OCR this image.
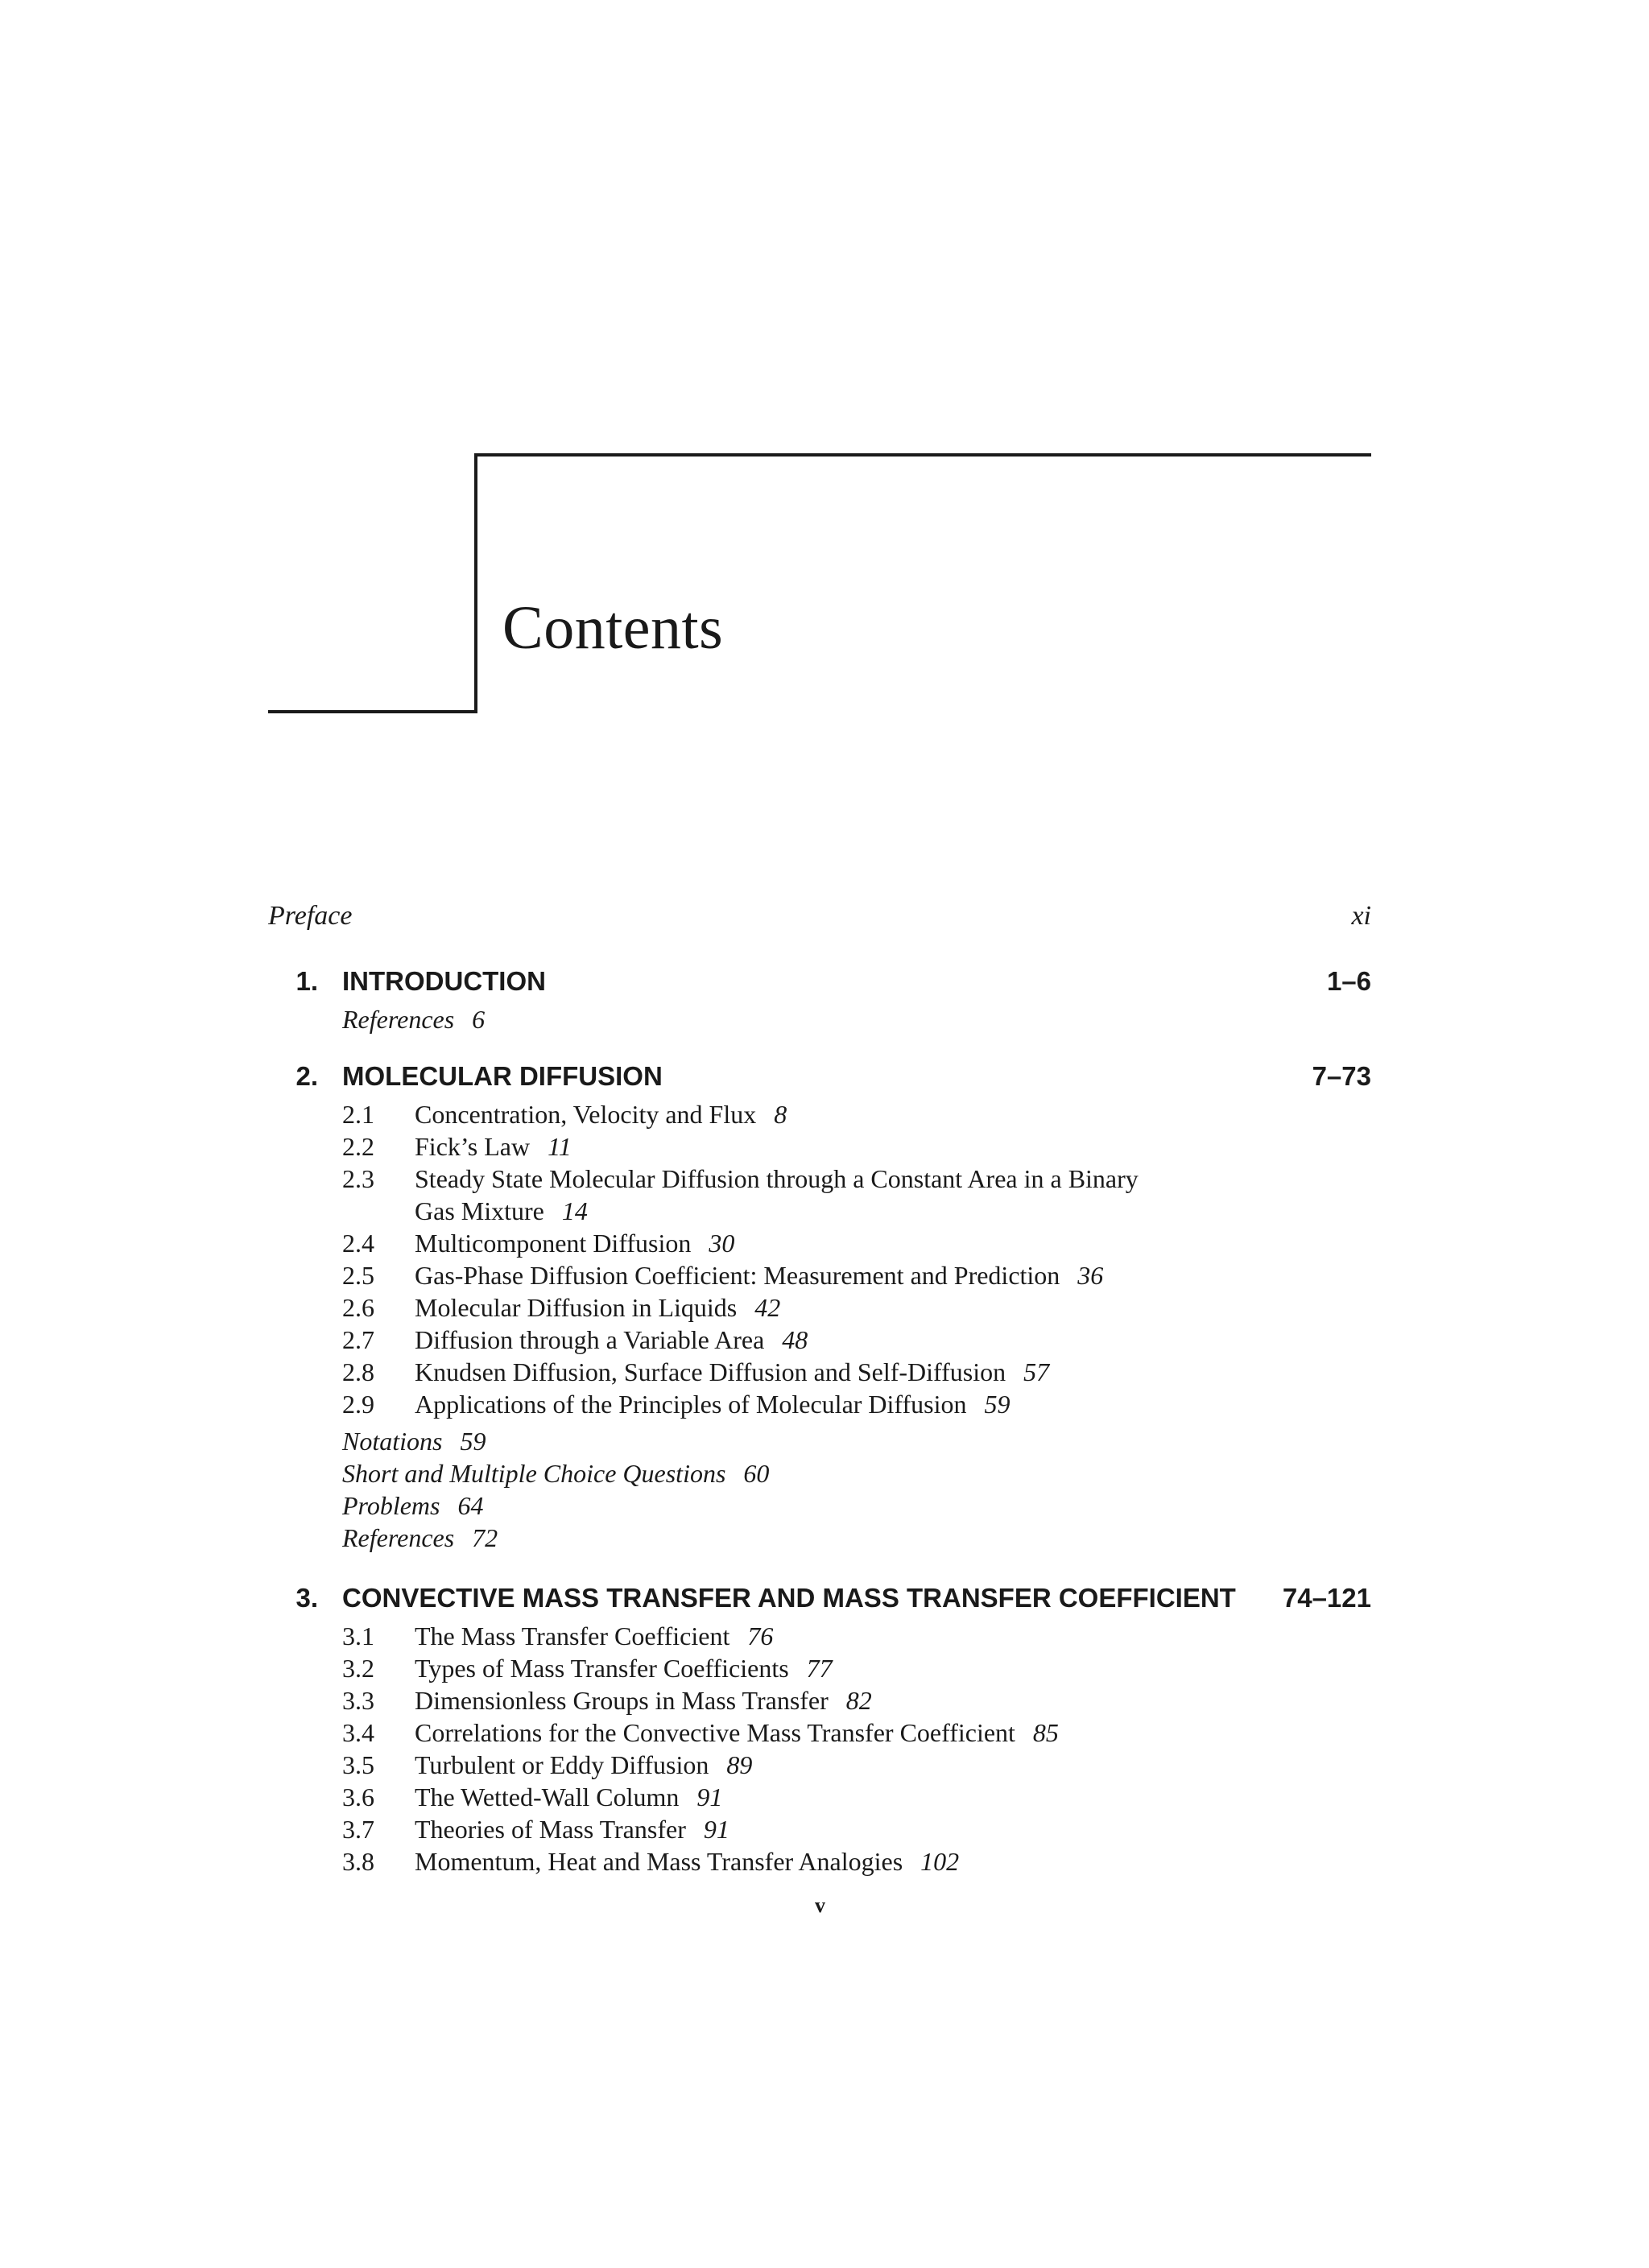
Contents
Preface	xi
1. INTRODUCTION	1–6
References 6
2. MOLECULAR DIFFUSION	7–73
2.1 Concentration, Velocity and Flux 8
2.2 Fick’s Law 11
2.3 Steady State Molecular Diffusion through a Constant Area in a Binary
Gas Mixture 14
2.4 Multicomponent Diffusion 30
2.5 Gas-Phase Diffusion Coefficient: Measurement and Prediction 36
2.6 Molecular Diffusion in Liquids 42
2.7 Diffusion through a Variable Area 48
2.8 Knudsen Diffusion, Surface Diffusion and Self-Diffusion 57
2.9 Applications of the Principles of Molecular Diffusion 59
Notations 59
Short and Multiple Choice Questions 60
Problems 64
References 72
3. CONVECTIVE MASS TRANSFER AND MASS TRANSFER COEFFICIENT 74–121
3.1 The Mass Transfer Coefficient 76
3.2 Types of Mass Transfer Coefficients 77
3.3 Dimensionless Groups in Mass Transfer 82
3.4 Correlations for the Convective Mass Transfer Coefficient 85
3.5 Turbulent or Eddy Diffusion 89
3.6 The Wetted-Wall Column 91
3.7 Theories of Mass Transfer 91
3.8 Momentum, Heat and Mass Transfer Analogies 102
v
